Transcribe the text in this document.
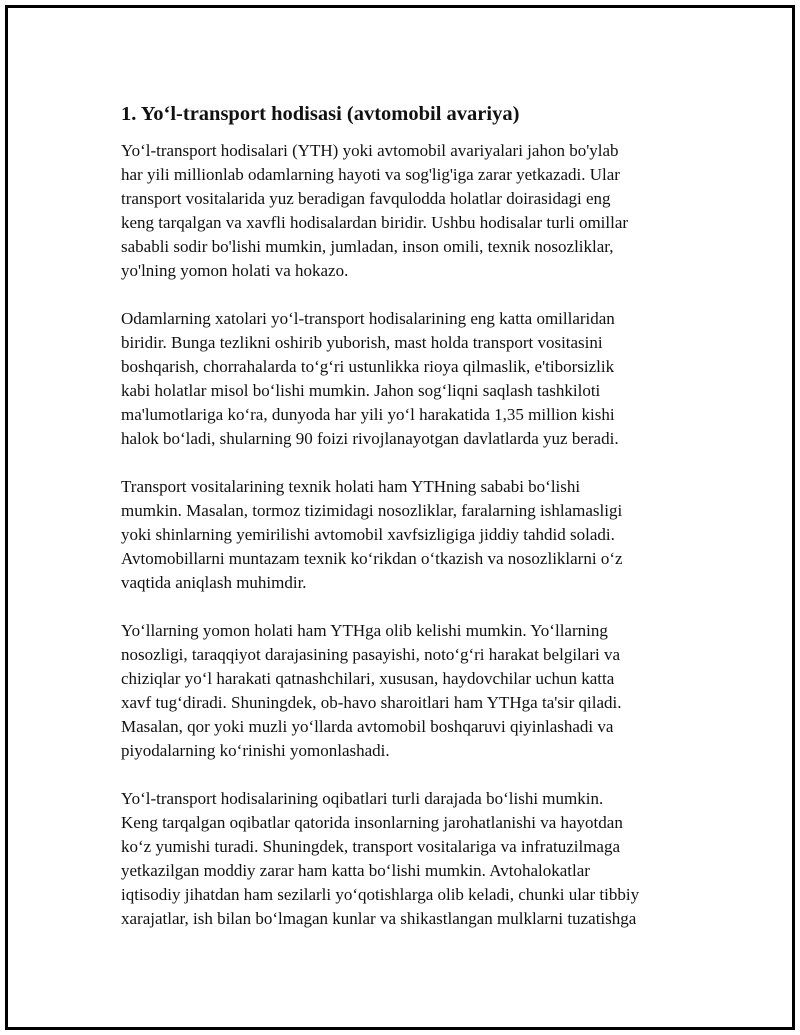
1. Yo‘l-transport hodisasi (avtomobil avariya)

Yo‘l-transport hodisalari (YTH) yoki avtomobil avariyalari jahon bo'ylab
har yili millionlab odamlarning hayoti va sog'lig'iga zarar yetkazadi. Ular
transport vositalarida yuz beradigan favqulodda holatlar doirasidagi eng
keng tarqalgan va xavfli hodisalardan biridir. Ushbu hodisalar turli omillar
sababli sodir bo'lishi mumkin, jumladan, inson omili, texnik nosozliklar,
yo'lning yomon holati va hokazo.

Odamlarning xatolari yo‘l-transport hodisalarining eng katta omillaridan
biridir. Bunga tezlikni oshirib yuborish, mast holda transport vositasini
boshqarish, chorrahalarda to‘g‘ri ustunlikka rioya qilmaslik, e'tiborsizlik
kabi holatlar misol bo‘lishi mumkin. Jahon sog‘liqni saqlash tashkiloti
ma'lumotlariga ko‘ra, dunyoda har yili yo‘l harakatida 1,35 million kishi
halok bo‘ladi, shularning 90 foizi rivojlanayotgan davlatlarda yuz beradi.

Transport vositalarining texnik holati ham YTHning sababi bo‘lishi
mumkin. Masalan, tormoz tizimidagi nosozliklar, faralarning ishlamasligi
yoki shinlarning yemirilishi avtomobil xavfsizligiga jiddiy tahdid soladi.
Avtomobillarni muntazam texnik ko‘rikdan o‘tkazish va nosozliklarni o‘z
vaqtida aniqlash muhimdir.

Yo‘llarning yomon holati ham YTHga olib kelishi mumkin. Yo‘llarning
nosozligi, taraqqiyot darajasining pasayishi, noto‘g‘ri harakat belgilari va
chiziqlar yo‘l harakati qatnashchilari, xususan, haydovchilar uchun katta
xavf tug‘diradi. Shuningdek, ob-havo sharoitlari ham YTHga ta'sir qiladi.
Masalan, qor yoki muzli yo‘llarda avtomobil boshqaruvi qiyinlashadi va
piyodalarning ko‘rinishi yomonlashadi.

Yo‘l-transport hodisalarining oqibatlari turli darajada bo‘lishi mumkin.
Keng tarqalgan oqibatlar qatorida insonlarning jarohatlanishi va hayotdan
ko‘z yumishi turadi. Shuningdek, transport vositalariga va infratuzilmaga
yetkazilgan moddiy zarar ham katta bo‘lishi mumkin. Avtohalokatlar
iqtisodiy jihatdan ham sezilarli yo‘qotishlarga olib keladi, chunki ular tibbiy
xarajatlar, ish bilan bo‘lmagan kunlar va shikastlangan mulklarni tuzatishga
